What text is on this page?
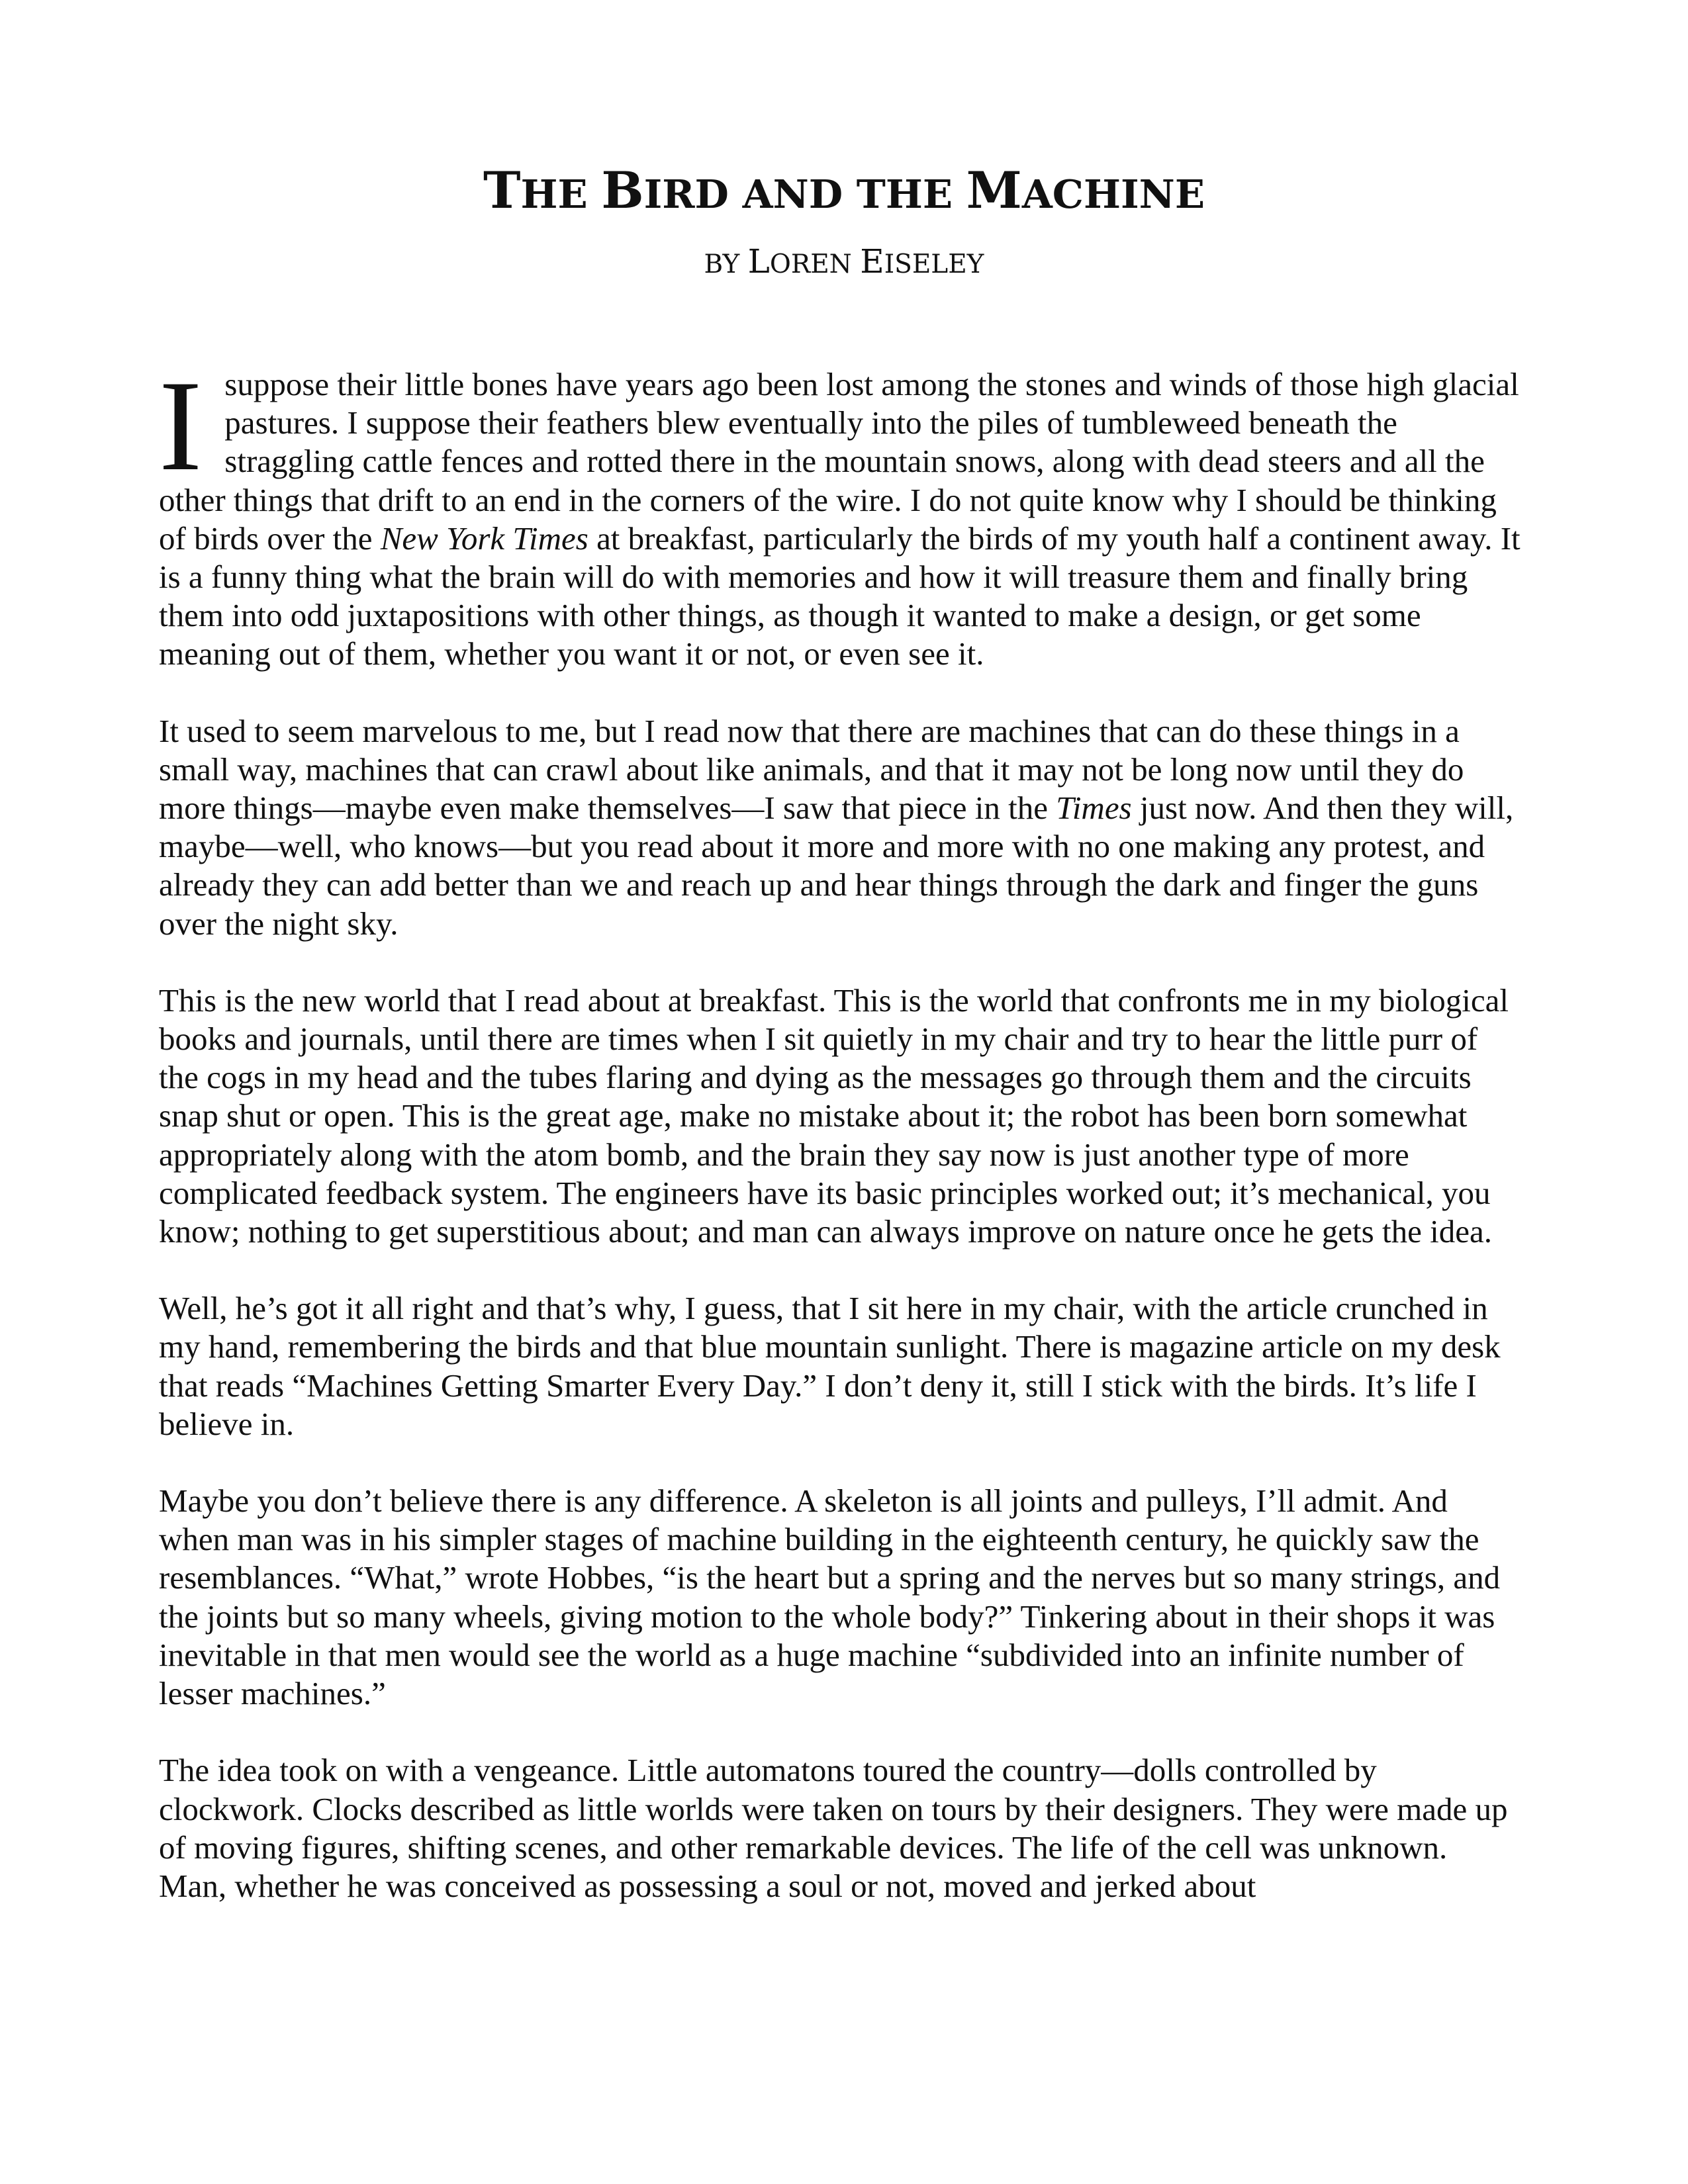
THE BIRD AND THE MACHINE

BY LOREN EISELEY

Isuppose their little bones have years ago been lost among the stones and winds of those high glacial pastures. I suppose their feathers blew eventually into the piles of tumbleweed beneath the straggling cattle fences and rotted there in the mountain snows, along with dead steers and all the other things that drift to an end in the corners of the wire. I do not quite know why I should be thinking of birds over the New York Times at breakfast, particularly the birds of my youth half a continent away. It is a funny thing what the brain will do with memories and how it will treasure them and finally bring them into odd juxtapositions with other things, as though it wanted to make a design, or get some meaning out of them, whether you want it or not, or even see it.

It used to seem marvelous to me, but I read now that there are machines that can do these things in a small way, machines that can crawl about like animals, and that it may not be long now until they do more things—maybe even make themselves—I saw that piece in the Times just now. And then they will, maybe—well, who knows—but you read about it more and more with no one making any protest, and already they can add better than we and reach up and hear things through the dark and finger the guns over the night sky.

This is the new world that I read about at breakfast. This is the world that confronts me in my biological books and journals, until there are times when I sit quietly in my chair and try to hear the little purr of the cogs in my head and the tubes flaring and dying as the messages go through them and the circuits snap shut or open. This is the great age, make no mistake about it; the robot has been born somewhat appropriately along with the atom bomb, and the brain they say now is just another type of more complicated feedback system. The engineers have its basic principles worked out; it’s mechanical, you know; nothing to get superstitious about; and man can always improve on nature once he gets the idea.

Well, he’s got it all right and that’s why, I guess, that I sit here in my chair, with the article crunched in my hand, remembering the birds and that blue mountain sunlight. There is magazine article on my desk that reads “Machines Getting Smarter Every Day.” I don’t deny it, still I stick with the birds. It’s life I believe in.

Maybe you don’t believe there is any difference. A skeleton is all joints and pulleys, I’ll admit. And when man was in his simpler stages of machine building in the eighteenth century, he quickly saw the resemblances. “What,” wrote Hobbes, “is the heart but a spring and the nerves but so many strings, and the joints but so many wheels, giving motion to the whole body?” Tinkering about in their shops it was inevitable in that men would see the world as a huge machine “subdivided into an infinite number of lesser machines.”

The idea took on with a vengeance. Little automatons toured the country—dolls controlled by clockwork. Clocks described as little worlds were taken on tours by their designers. They were made up of moving figures, shifting scenes, and other remarkable devices. The life of the cell was unknown. Man, whether he was conceived as possessing a soul or not, moved and jerked about
